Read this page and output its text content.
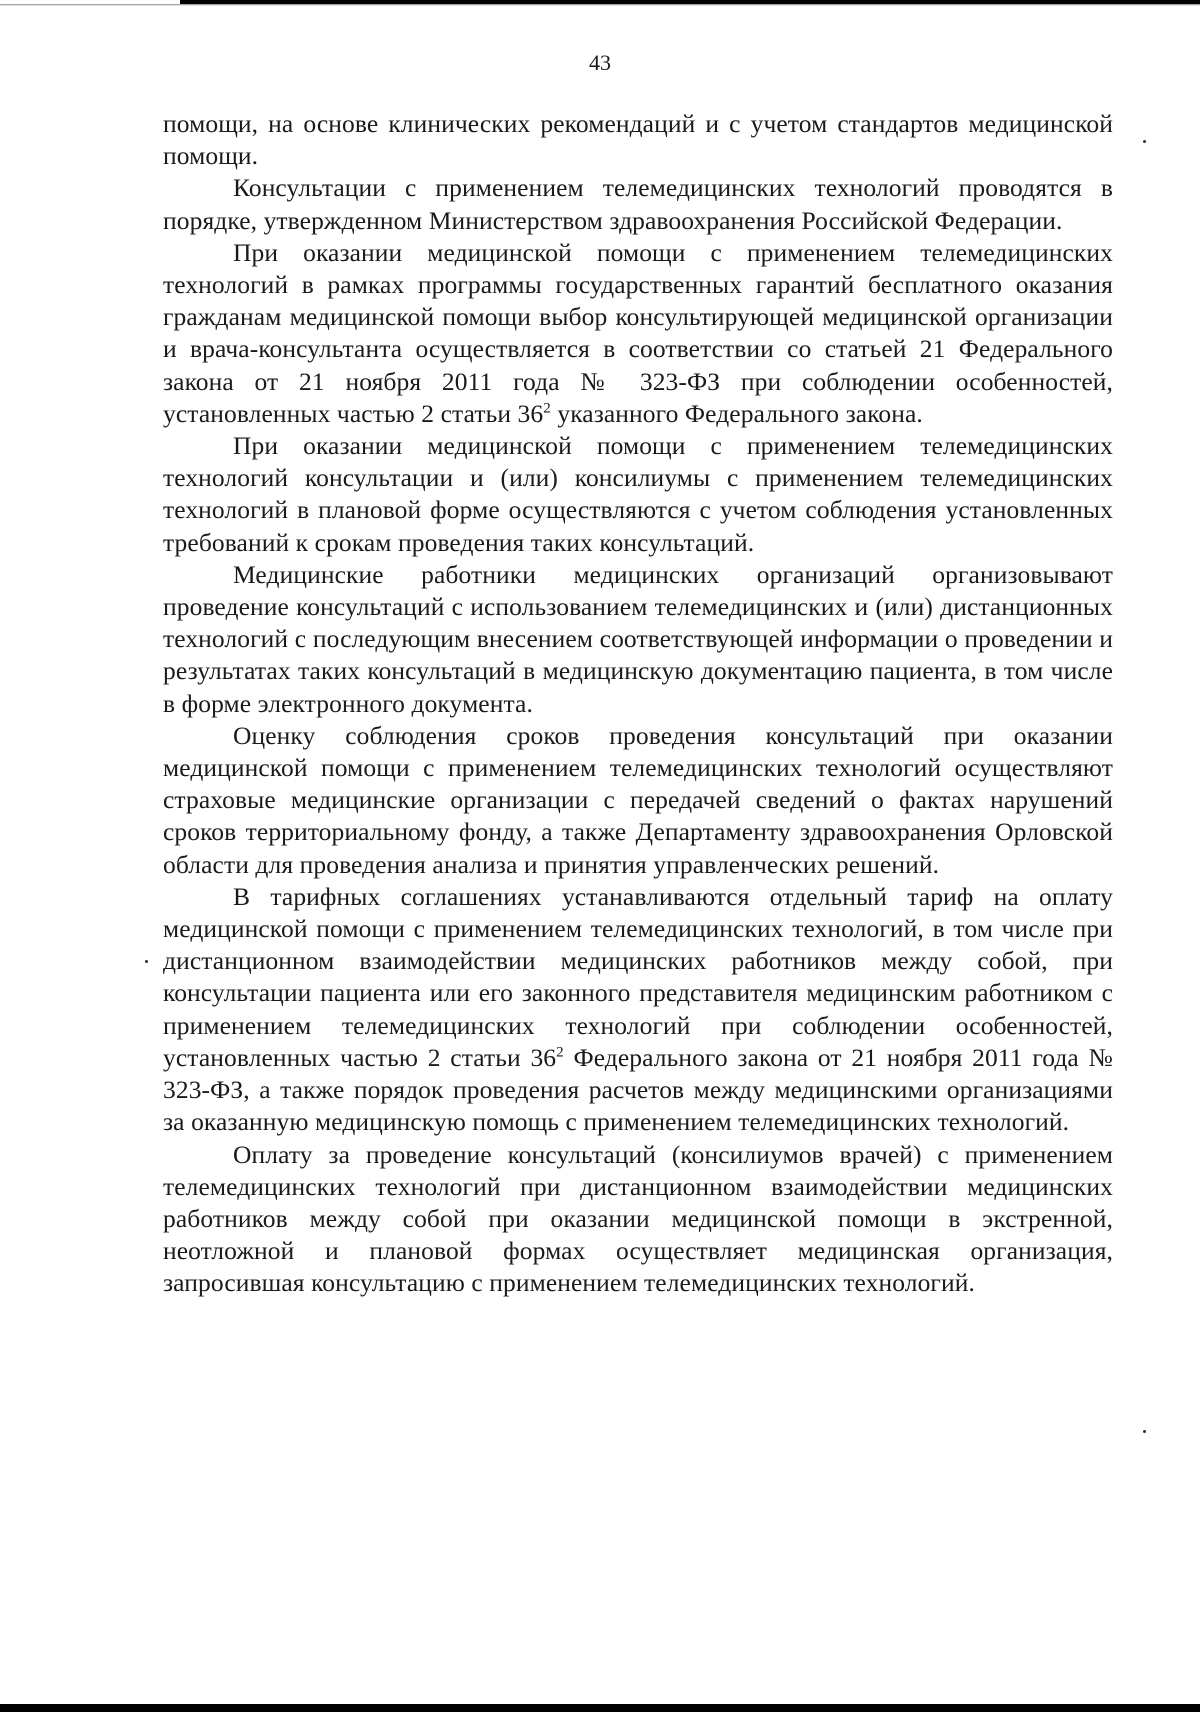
43

помощи, на основе клинических рекомендаций и с учетом стандартов медицинской помощи.

Консультации с применением телемедицинских технологий проводятся в порядке, утвержденном Министерством здравоохранения Российской Федерации.

При оказании медицинской помощи с применением телемедицинских технологий в рамках программы государственных гарантий бесплатного оказания гражданам медицинской помощи выбор консультирующей медицинской организации и врача-консультанта осуществляется в соответствии со статьей 21 Федерального закона от 21 ноября 2011 года № 323-ФЗ при соблюдении особенностей, установленных частью 2 статьи $36^2$ указанного Федерального закона.

При оказании медицинской помощи с применением телемедицинских технологий консультации и (или) консилиумы с применением телемедицинских технологий в плановой форме осуществляются с учетом соблюдения установленных требований к срокам проведения таких консультаций.

Медицинские работники медицинских организаций организовывают проведение консультаций с использованием телемедицинских и (или) дистанционных технологий с последующим внесением соответствующей информации о проведении и результатах таких консультаций в медицинскую документацию пациента, в том числе в форме электронного документа.

Оценку соблюдения сроков проведения консультаций при оказании медицинской помощи с применением телемедицинских технологий осуществляют страховые медицинские организации с передачей сведений о фактах нарушений сроков территориальному фонду, а также Департаменту здравоохранения Орловской области для проведения анализа и принятия управленческих решений.

В тарифных соглашениях устанавливаются отдельный тариф на оплату медицинской помощи с применением телемедицинских технологий, в том числе при дистанционном взаимодействии медицинских работников между собой, при консультации пациента или его законного представителя медицинским работником с применением телемедицинских технологий при соблюдении особенностей, установленных частью 2 статьи $36^2$ Федерального закона от 21 ноября 2011 года № 323-ФЗ, а также порядок проведения расчетов между медицинскими организациями за оказанную медицинскую помощь с применением телемедицинских технологий.

Оплату за проведение консультаций (консилиумов врачей) с применением телемедицинских технологий при дистанционном взаимодействии медицинских работников между собой при оказании медицинской помощи в экстренной, неотложной и плановой формах осуществляет медицинская организация, запросившая консультацию с применением телемедицинских технологий.
